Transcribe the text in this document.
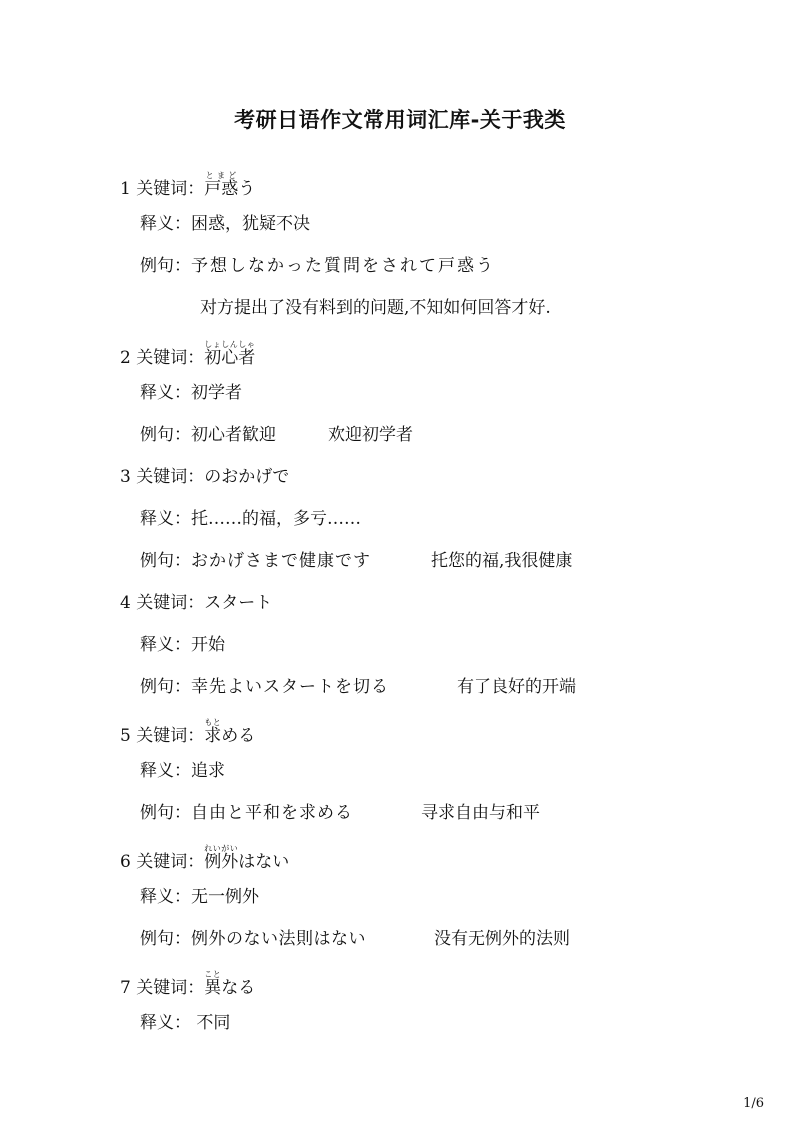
考研日语作文常用词汇库-关于我类
1 关键词：戸惑とまどう
释义：困惑，犹疑不决
例句：予想しなかった質問をされて戸惑う
对方提出了没有料到的问题,不知如何回答才好.
2 关键词：初心者しょしんしゃ
释义：初学者
例句：初心者歓迎	欢迎初学者
3 关键词：のおかげで
释义：托……的福，多亏……
例句：おかげさまで健康です	托您的福,我很健康
4 关键词：スタート
释义：开始
例句：幸先よいスタートを切る	有了良好的开端
5 关键词：求もとめる
释义：追求
例句：自由と平和を求める	寻求自由与和平
6 关键词：例外れいがいはない
释义：无一例外
例句：例外のない法則はない	没有无例外的法则
7 关键词：異ことなる
释义： 不同
1/6
